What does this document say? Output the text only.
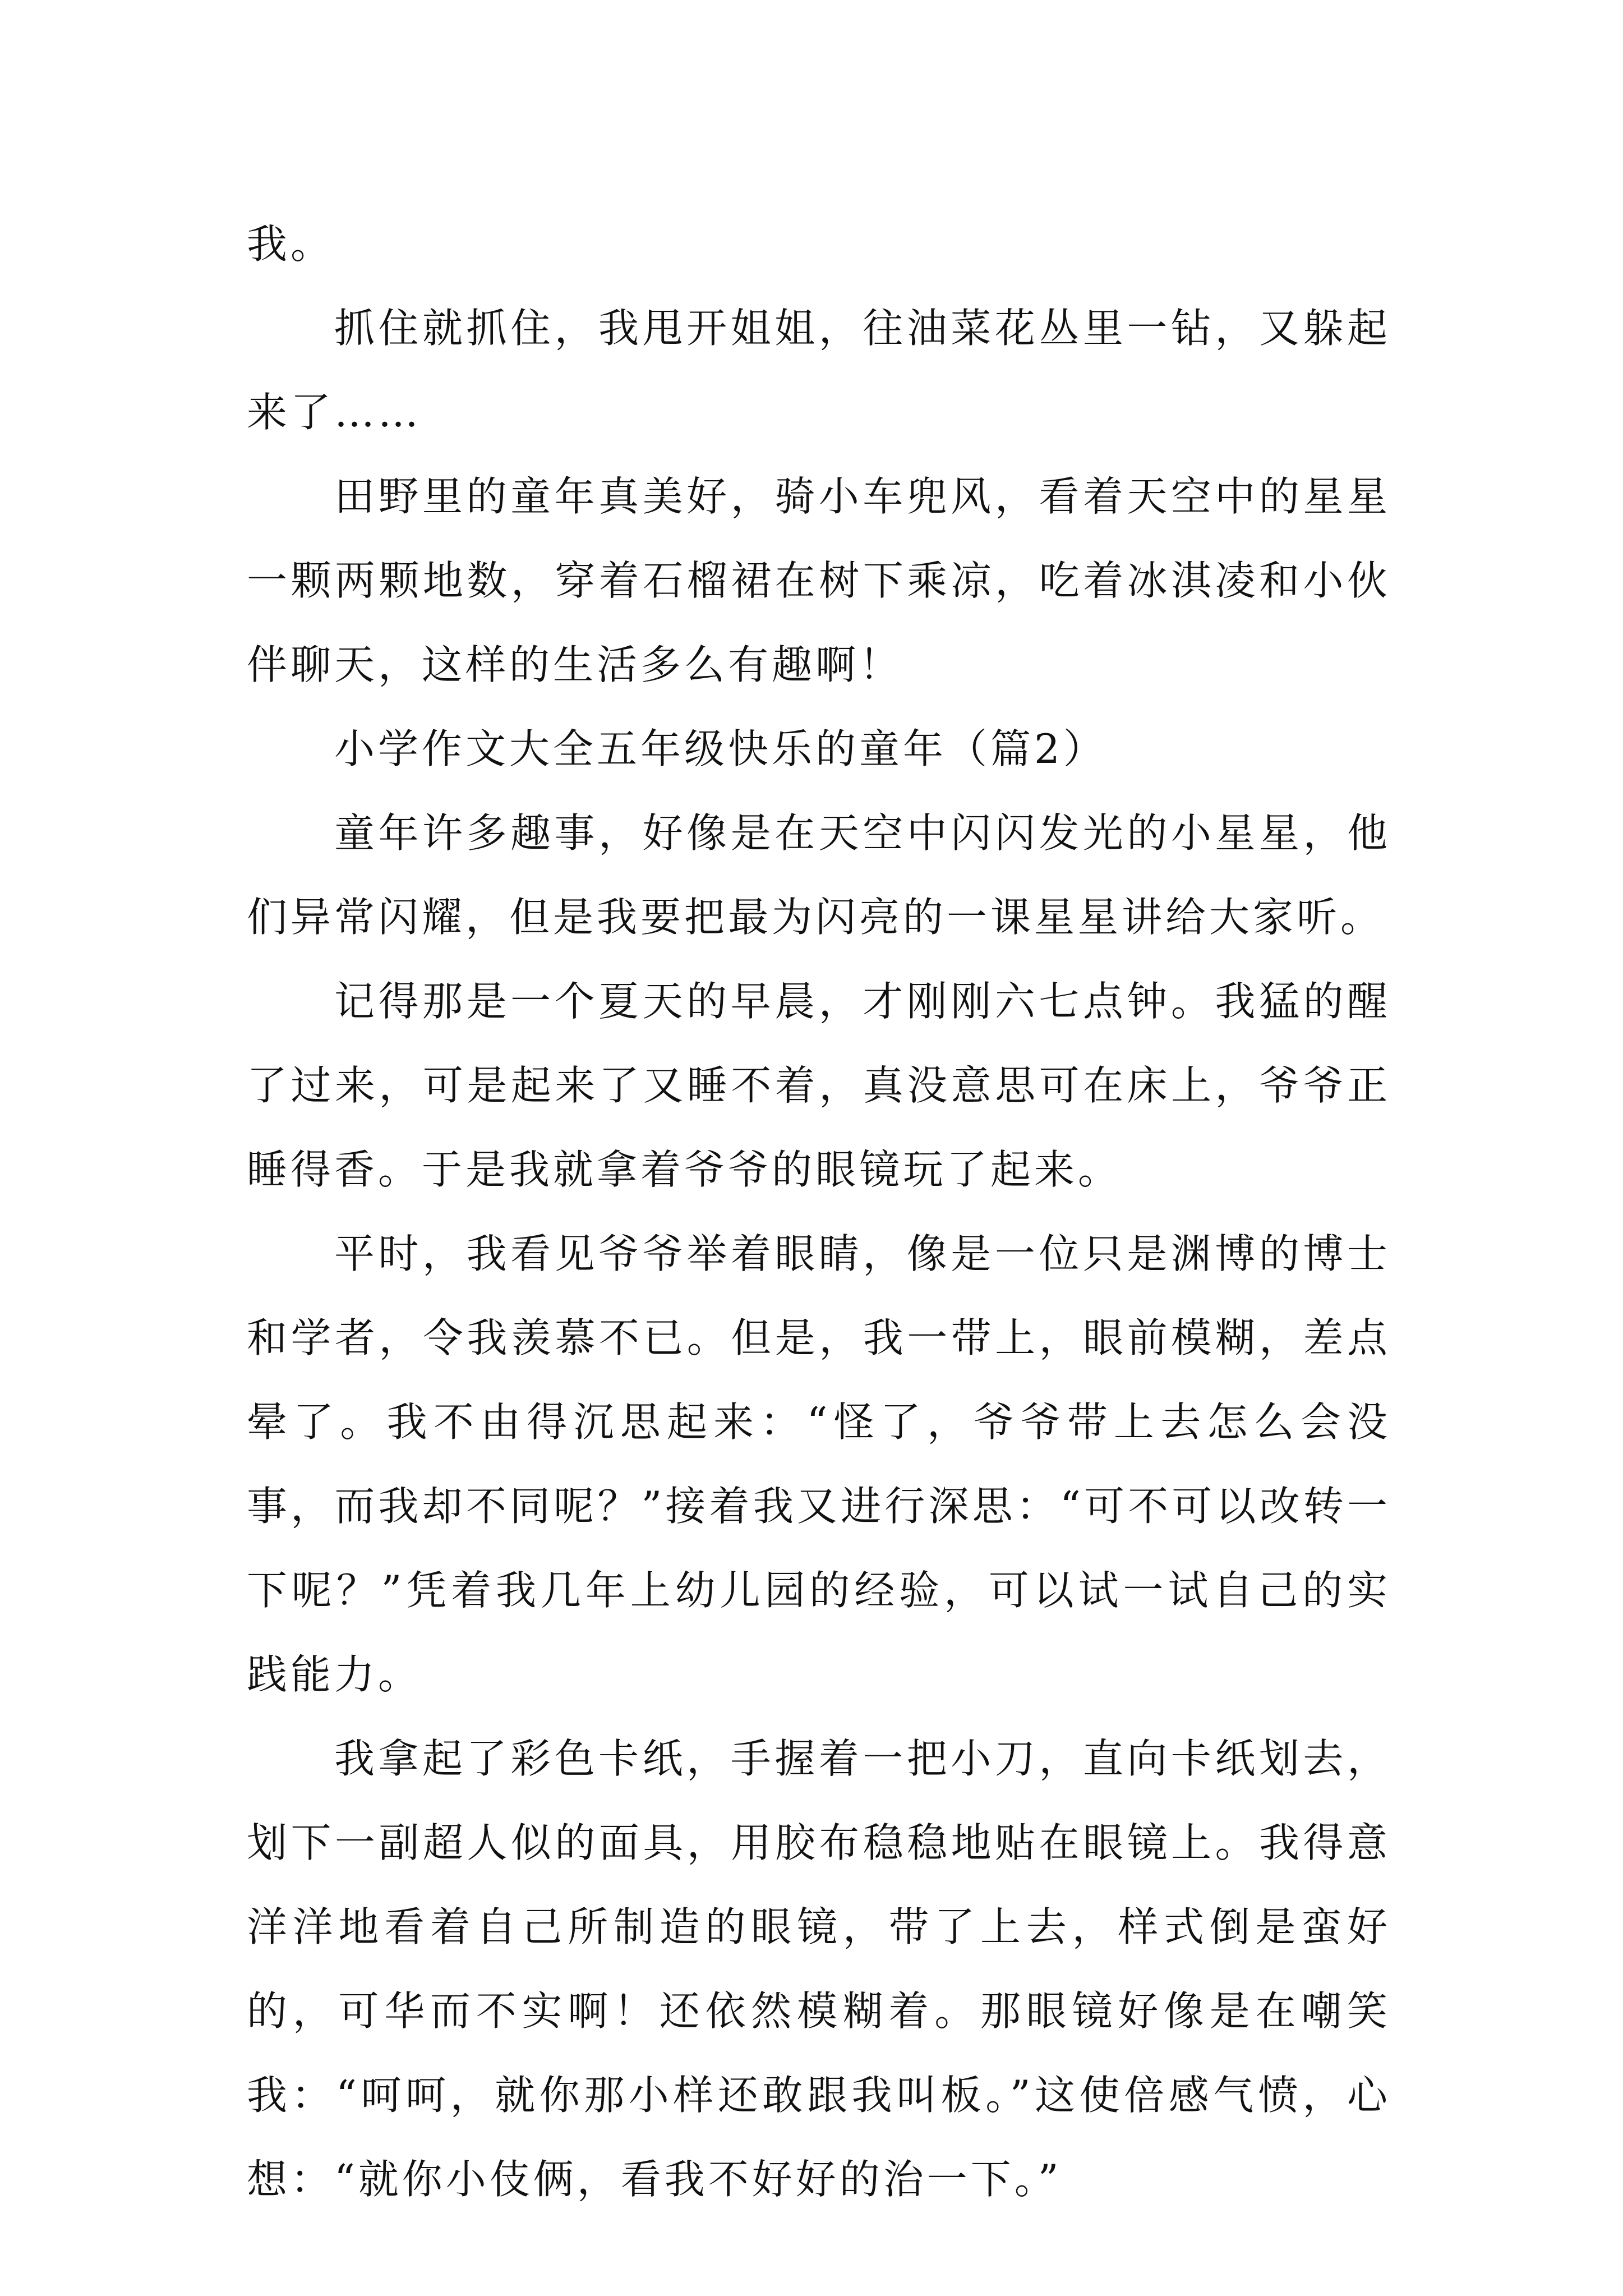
我。

抓住就抓住，我甩开姐姐，往油菜花丛里一钻，又躲起来了……

田野里的童年真美好，骑小车兜风，看着天空中的星星一颗两颗地数，穿着石榴裙在树下乘凉，吃着冰淇凌和小伙伴聊天，这样的生活多么有趣啊！

小学作文大全五年级快乐的童年（篇2）

童年许多趣事，好像是在天空中闪闪发光的小星星，他们异常闪耀，但是我要把最为闪亮的一课星星讲给大家听。

记得那是一个夏天的早晨，才刚刚六七点钟。我猛的醒了过来，可是起来了又睡不着，真没意思可在床上，爷爷正睡得香。于是我就拿着爷爷的眼镜玩了起来。

平时，我看见爷爷举着眼睛，像是一位只是渊博的博士和学者，令我羡慕不已。但是，我一带上，眼前模糊，差点晕了。我不由得沉思起来：“怪了，爷爷带上去怎么会没事，而我却不同呢？”接着我又进行深思：“可不可以改转一下呢？”凭着我几年上幼儿园的经验，可以试一试自己的实践能力。

我拿起了彩色卡纸，手握着一把小刀，直向卡纸划去，划下一副超人似的面具，用胶布稳稳地贴在眼镜上。我得意洋洋地看着自己所制造的眼镜，带了上去，样式倒是蛮好的，可华而不实啊！还依然模糊着。那眼镜好像是在嘲笑我：“呵呵，就你那小样还敢跟我叫板。”这使倍感气愤，心想：“就你小伎俩，看我不好好的治一下。”
